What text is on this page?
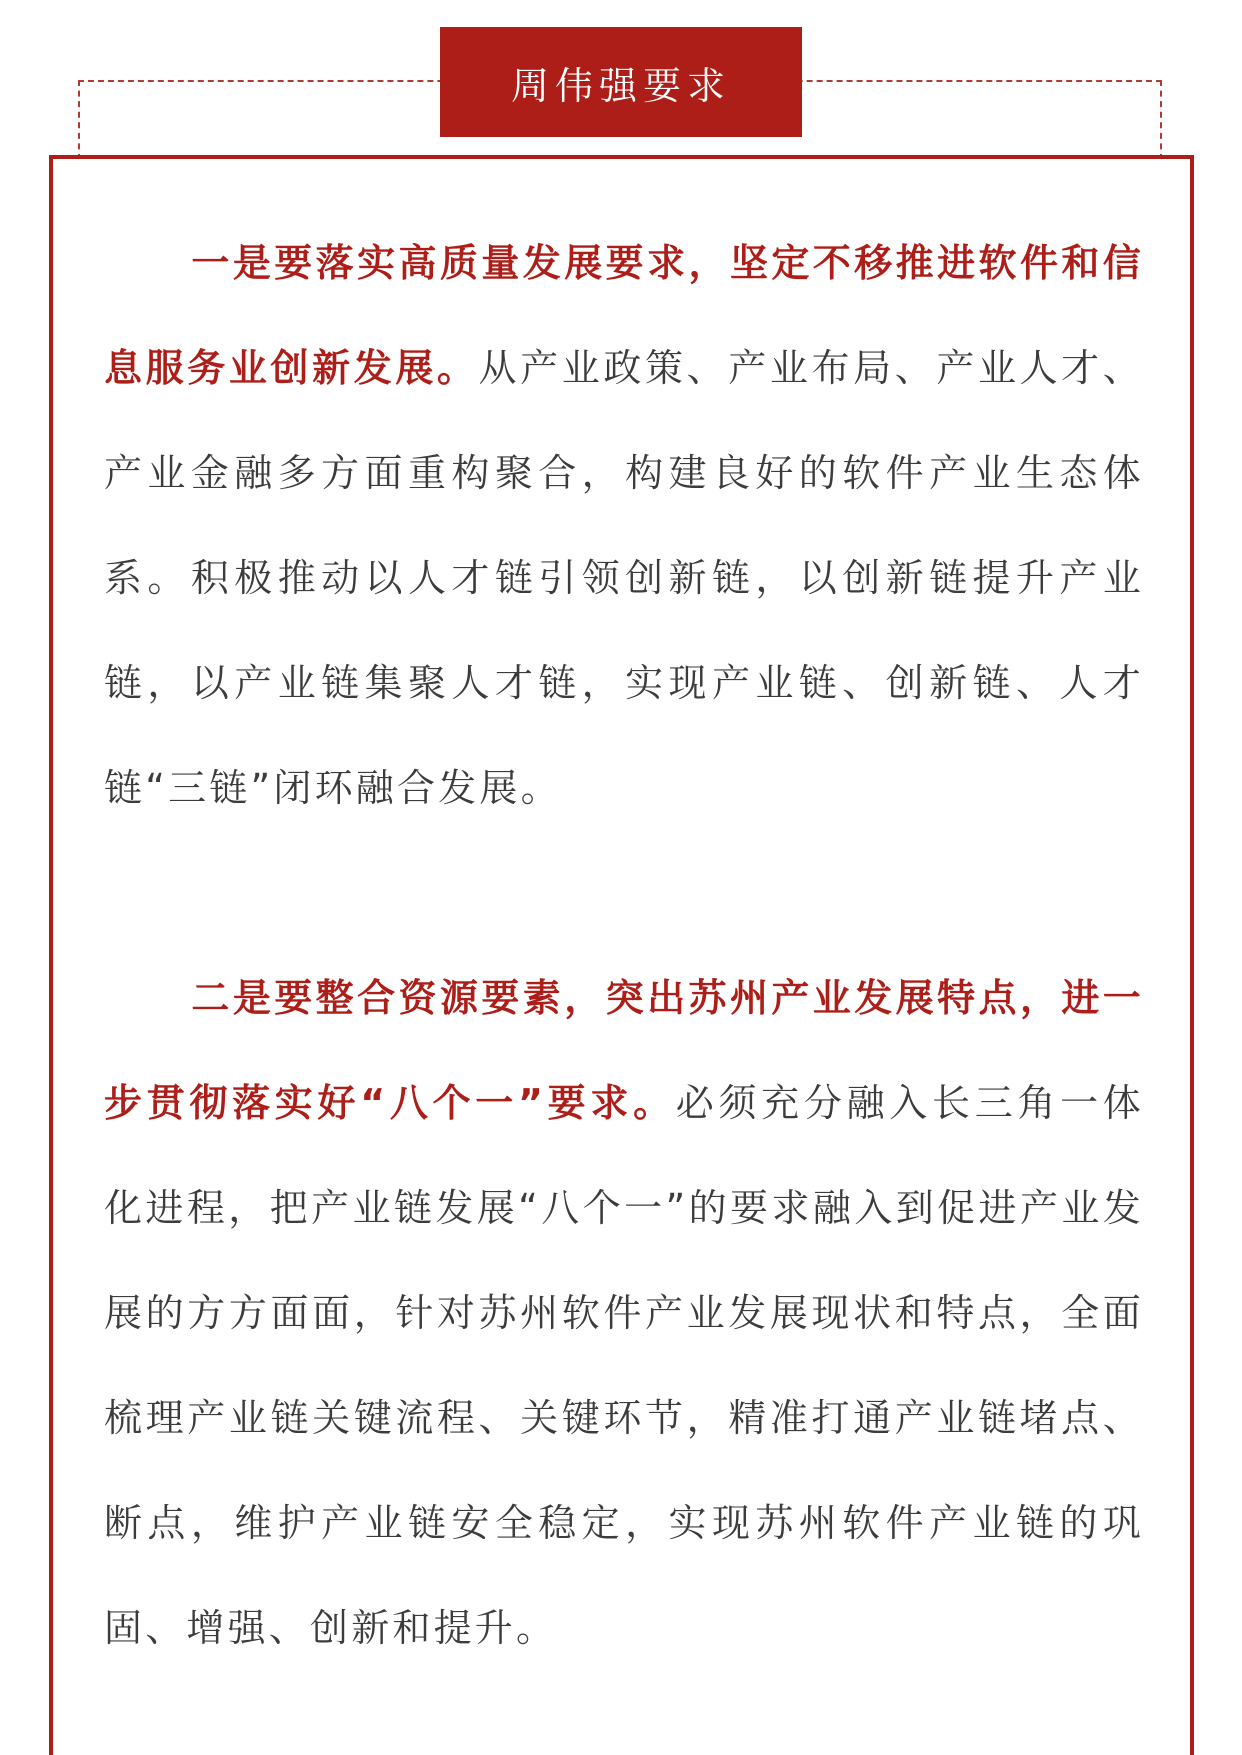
周伟强要求

一是要落实高质量发展要求，坚定不移推进软件和信息服务业创新发展。从产业政策、产业布局、产业人才、产业金融多方面重构聚合，构建良好的软件产业生态体系。积极推动以人才链引领创新链，以创新链提升产业链，以产业链集聚人才链，实现产业链、创新链、人才链“三链”闭环融合发展。

二是要整合资源要素，突出苏州产业发展特点，进一步贯彻落实好“八个一”要求。必须充分融入长三角一体化进程，把产业链发展“八个一”的要求融入到促进产业发展的方方面面，针对苏州软件产业发展现状和特点，全面梳理产业链关键流程、关键环节，精准打通产业链堵点、断点，维护产业链安全稳定，实现苏州软件产业链的巩固、增强、创新和提升。
